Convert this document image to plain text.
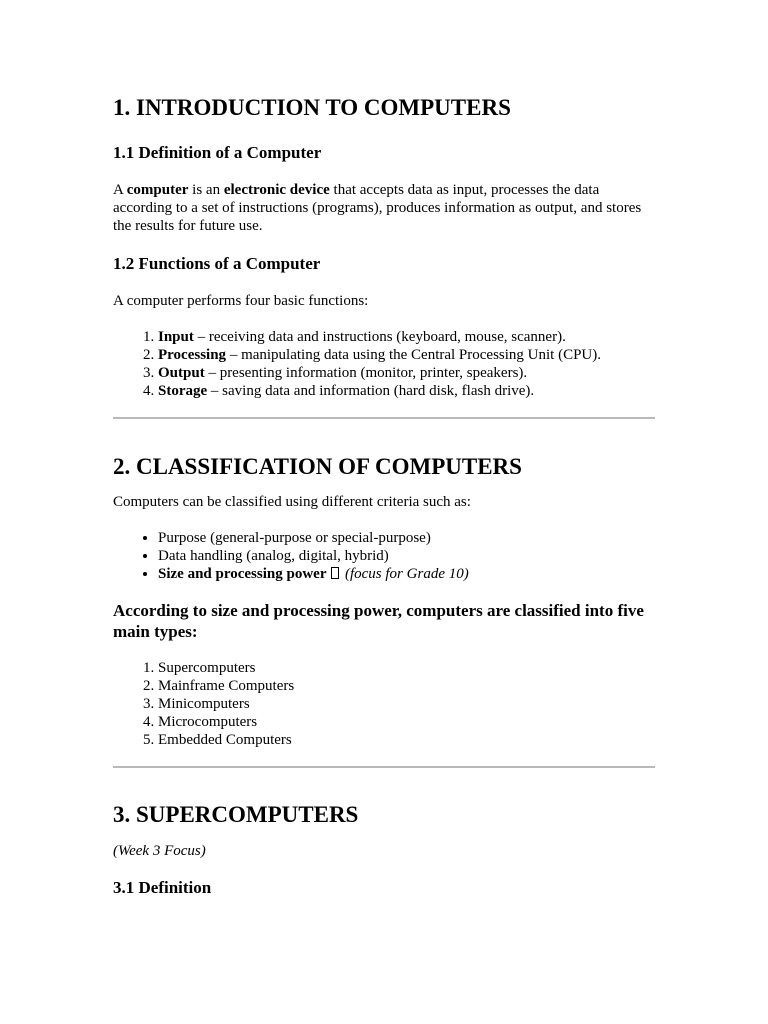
1. INTRODUCTION TO COMPUTERS
1.1 Definition of a Computer

A computer is an electronic device that accepts data as input, processes the data according to a set of instructions (programs), produces information as output, and stores the results for future use.

1.2 Functions of a Computer

A computer performs four basic functions:

1. Input – receiving data and instructions (keyboard, mouse, scanner).
2. Processing – manipulating data using the Central Processing Unit (CPU).
3. Output – presenting information (monitor, printer, speakers).
4. Storage – saving data and information (hard disk, flash drive).
2. CLASSIFICATION OF COMPUTERS

Computers can be classified using different criteria such as:

• Purpose (general-purpose or special-purpose)
• Data handling (analog, digital, hybrid)
• Size and processing power (focus for Grade 10)
According to size and processing power, computers are classified into five main types:
1. Supercomputers
2. Mainframe Computers
3. Minicomputers
4. Microcomputers
5. Embedded Computers
3. SUPERCOMPUTERS

(Week 3 Focus)

3.1 Definition
